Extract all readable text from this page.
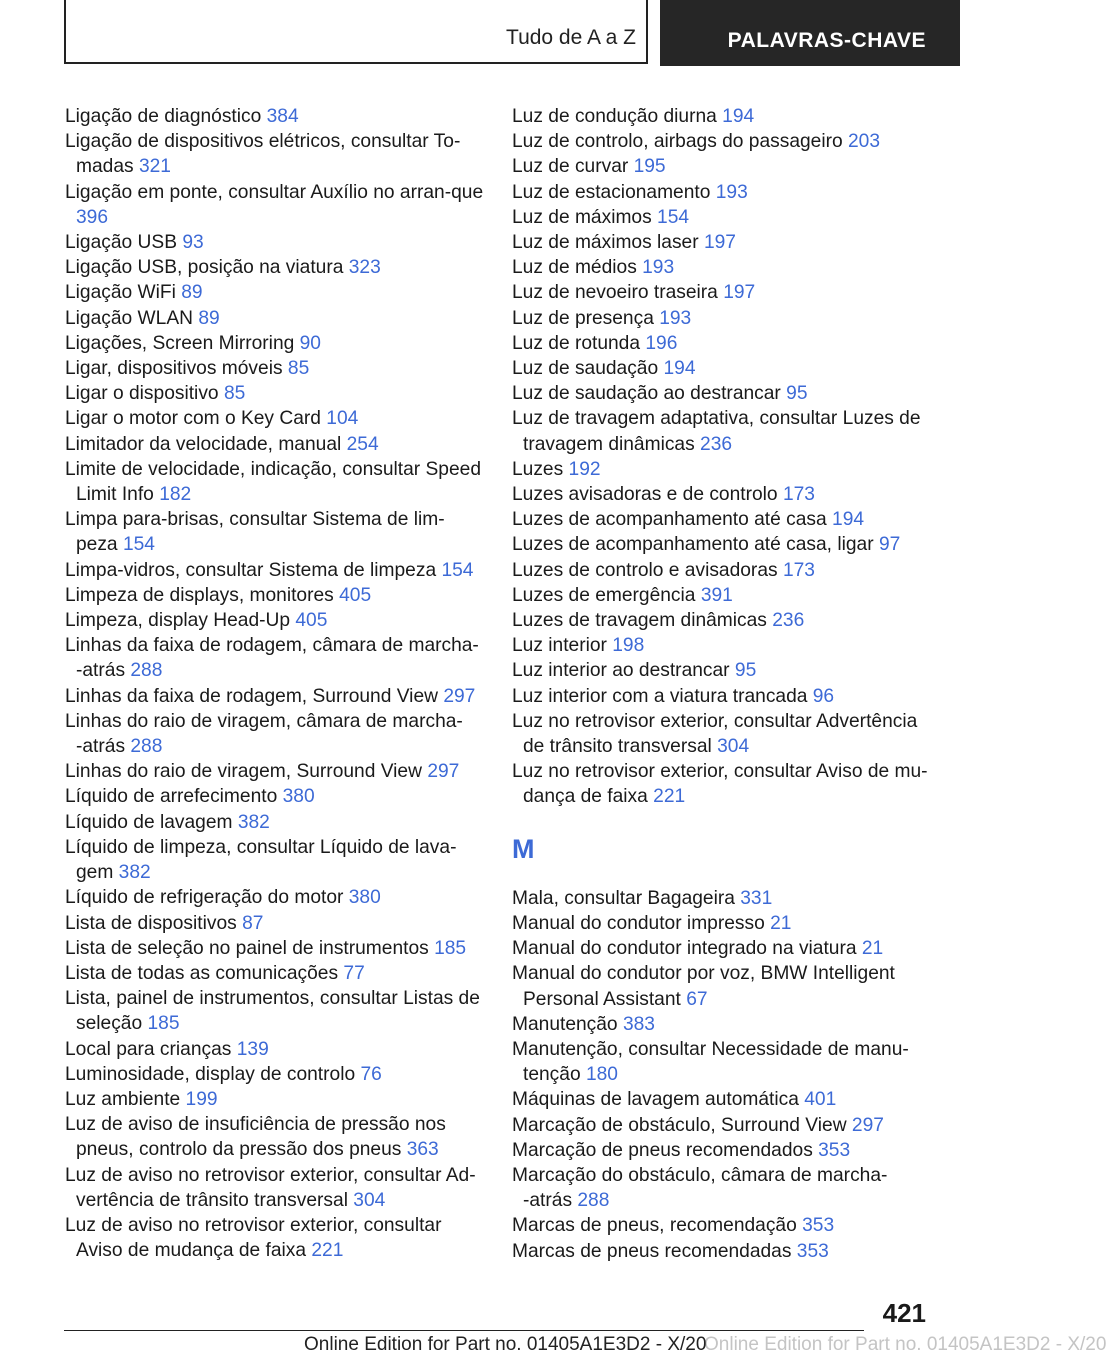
Tudo de A a Z	PALAVRAS-CHAVE
Ligação de diagnóstico 384
Ligação de dispositivos elétricos, consultar To-madas 321
Ligação em ponte, consultar Auxílio no arran-que 396
Ligação USB 93
Ligação USB, posição na viatura 323
Ligação WiFi 89
Ligação WLAN 89
Ligações, Screen Mirroring 90
Ligar, dispositivos móveis 85
Ligar o dispositivo 85
Ligar o motor com o Key Card 104
Limitador da velocidade, manual 254
Limite de velocidade, indicação, consultar Speed Limit Info 182
Limpa para-brisas, consultar Sistema de lim-peza 154
Limpa-vidros, consultar Sistema de limpeza 154
Limpeza de displays, monitores 405
Limpeza, display Head-Up 405
Linhas da faixa de rodagem, câmara de marcha-‑atrás 288
Linhas da faixa de rodagem, Surround View 297
Linhas do raio de viragem, câmara de marcha-‑atrás 288
Linhas do raio de viragem, Surround View 297
Líquido de arrefecimento 380
Líquido de lavagem 382
Líquido de limpeza, consultar Líquido de lava-gem 382
Líquido de refrigeração do motor 380
Lista de dispositivos 87
Lista de seleção no painel de instrumentos 185
Lista de todas as comunicações 77
Lista, painel de instrumentos, consultar Listas de seleção 185
Local para crianças 139
Luminosidade, display de controlo 76
Luz ambiente 199
Luz de aviso de insuficiência de pressão nos pneus, controlo da pressão dos pneus 363
Luz de aviso no retrovisor exterior, consultar Ad-vertência de trânsito transversal 304
Luz de aviso no retrovisor exterior, consultar Aviso de mudança de faixa 221
Luz de condução diurna 194
Luz de controlo, airbags do passageiro 203
Luz de curvar 195
Luz de estacionamento 193
Luz de máximos 154
Luz de máximos laser 197
Luz de médios 193
Luz de nevoeiro traseira 197
Luz de presença 193
Luz de rotunda 196
Luz de saudação 194
Luz de saudação ao destrancar 95
Luz de travagem adaptativa, consultar Luzes de travagem dinâmicas 236
Luzes 192
Luzes avisadoras e de controlo 173
Luzes de acompanhamento até casa 194
Luzes de acompanhamento até casa, ligar 97
Luzes de controlo e avisadoras 173
Luzes de emergência 391
Luzes de travagem dinâmicas 236
Luz interior 198
Luz interior ao destrancar 95
Luz interior com a viatura trancada 96
Luz no retrovisor exterior, consultar Advertência de trânsito transversal 304
Luz no retrovisor exterior, consultar Aviso de mu-dança de faixa 221
M
Mala, consultar Bagageira 331
Manual do condutor impresso 21
Manual do condutor integrado na viatura 21
Manual do condutor por voz, BMW Intelligent Personal Assistant 67
Manutenção 383
Manutenção, consultar Necessidade de manu-tenção 180
Máquinas de lavagem automática 401
Marcação de obstáculo, Surround View 297
Marcação de pneus recomendados 353
Marcação do obstáculo, câmara de marcha-‑atrás 288
Marcas de pneus, recomendação 353
Marcas de pneus recomendadas 353
421
Online Edition for Part no. 01405A1E3D2 - X/20
Online Edition for Part no. 01405A1E3D2 - X/20
